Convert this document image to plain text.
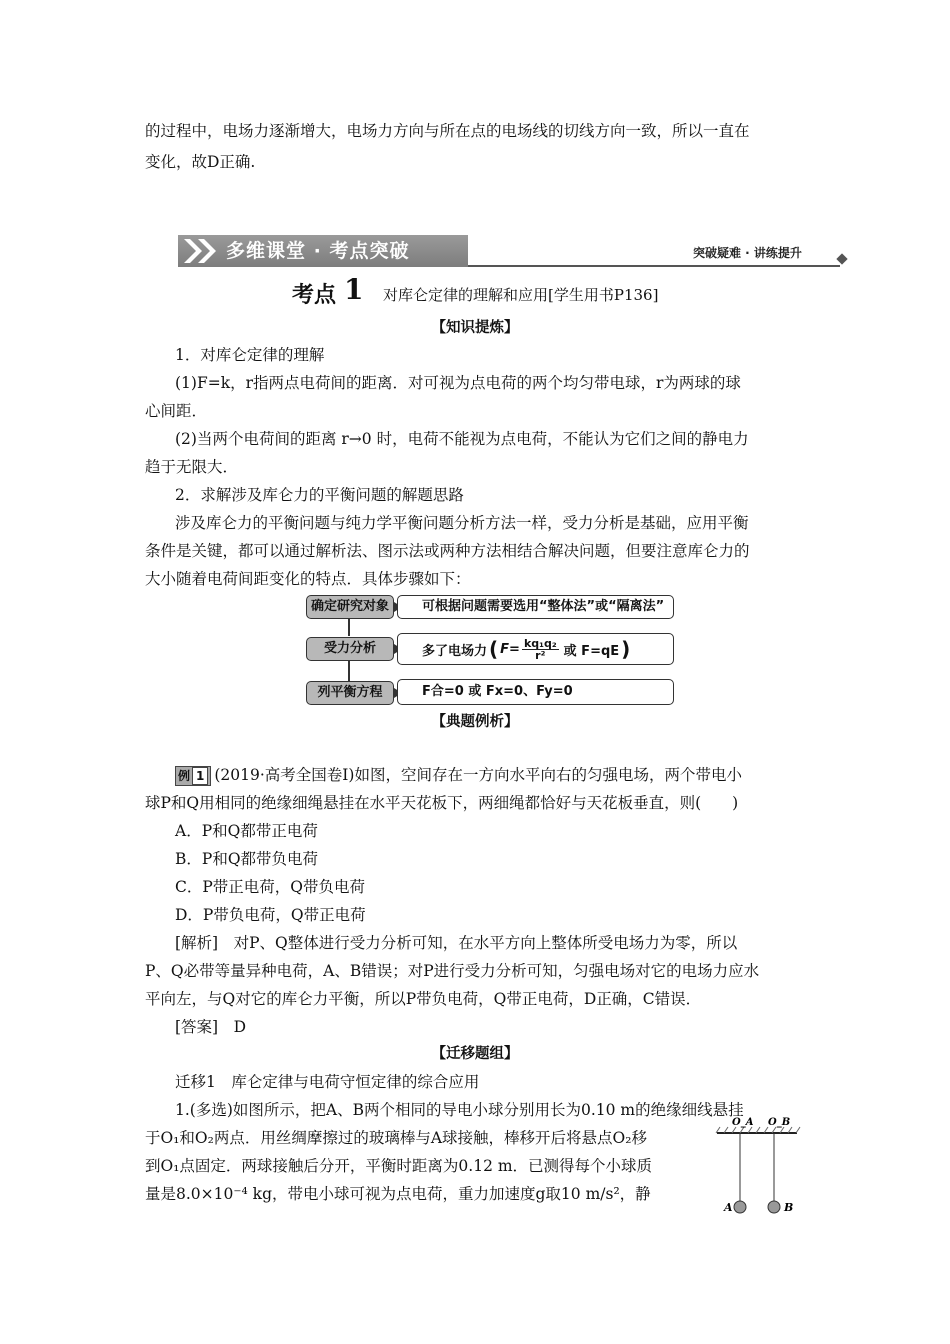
的过程中，电场力逐渐增大，电场力方向与所在点的电场线的切线方向一致，所以一直在
变化，故D正确.
多维课堂 · 考点突破	突破疑难 · 讲练提升
考点 1 对库仑定律的理解和应用[学生用书P136]
【知识提炼】
1．对库仑定律的理解
(1)F=k，r指两点电荷间的距离．对可视为点电荷的两个均匀带电球，r为两球的球
心间距．
(2)当两个电荷间的距离 r→0 时，电荷不能视为点电荷，不能认为它们之间的静电力
趋于无限大．
2．求解涉及库仑力的平衡问题的解题思路
涉及库仑力的平衡问题与纯力学平衡问题分析方法一样，受力分析是基础，应用平衡
条件是关键，都可以通过解析法、图示法或两种方法相结合解决问题，但要注意库仑力的
大小随着电荷间距变化的特点．具体步骤如下：
确定研究对象	可根据问题需要选用“整体法”或“隔离法”
受力分析	多了电场力 ( $F= \frac{\text{kq₁q₂}}{\text{r²}}$ 或 F=qE )
列平衡方程	F合=0 或 Fx=0、Fy=0
【典题例析】
例 1 (2019·高考全国卷Ⅰ)如图，空间存在一方向水平向右的匀强电场，两个带电小
球P和Q用相同的绝缘细绳悬挂在水平天花板下，两细绳都恰好与天花板垂直，则(　　)
A．P和Q都带正电荷
B．P和Q都带负电荷
C．P带正电荷，Q带负电荷
D．P带负电荷，Q带正电荷
[解析]　对P、Q整体进行受力分析可知，在水平方向上整体所受电场力为零，所以
P、Q必带等量异种电荷，A、B错误；对P进行受力分析可知，匀强电场对它的电场力应水
平向左，与Q对它的库仑力平衡，所以P带负电荷，Q带正电荷，D正确，C错误．
[答案]　D
【迁移题组】
迁移1　库仑定律与电荷守恒定律的综合应用
1.(多选)如图所示，把A、B两个相同的导电小球分别用长为0.10 m的绝缘细线悬挂
于O₁和O₂两点．用丝绸摩擦过的玻璃棒与A球接触，棒移开后将悬点O₂移
到O₁点固定．两球接触后分开，平衡时距离为0.12 m．已测得每个小球质
量是8.0×10⁻⁴ kg，带电小球可视为点电荷，重力加速度g取10 m/s²，静
O_A O_B
A	B
